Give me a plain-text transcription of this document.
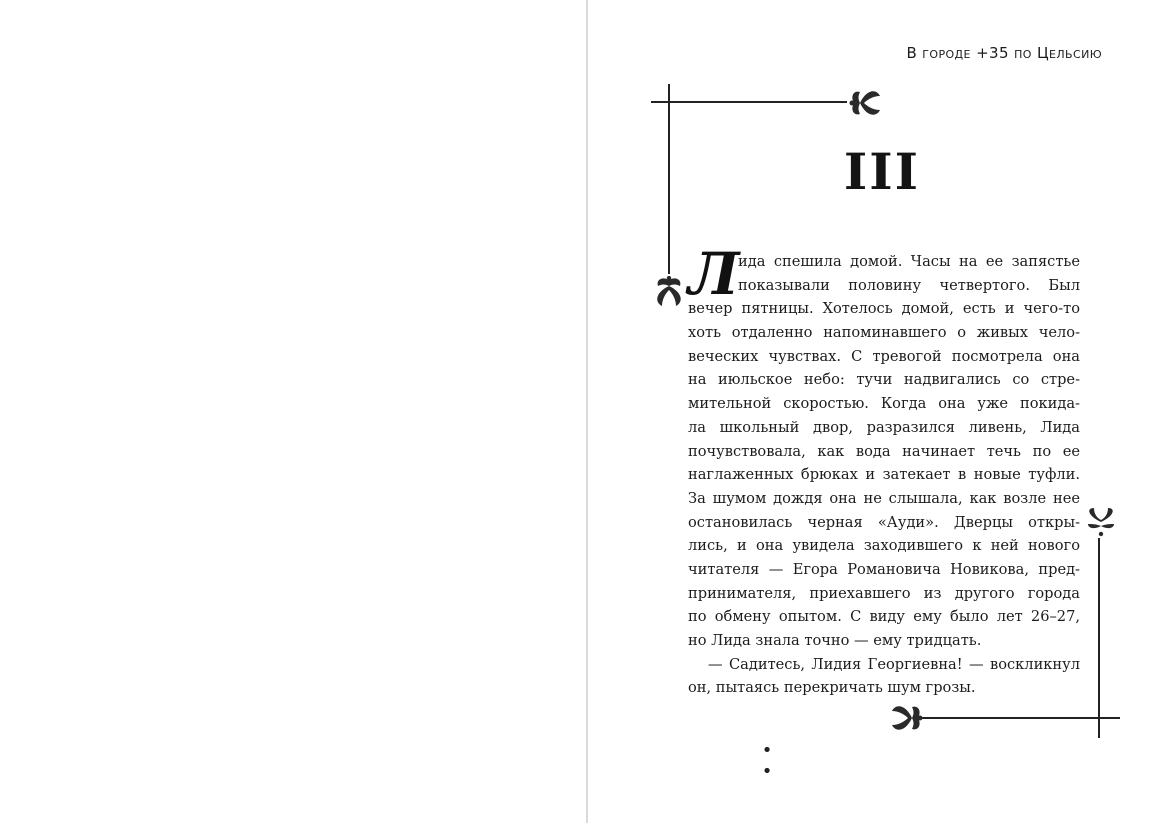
В городе +35 по Цельсию
III
Л
ида спешила домой. Часы на ее запястье
показывали половину четвертого. Был
вечер пятницы. Хотелось домой, есть и чего-то
хоть отдаленно напоминавшего о живых чело-
веческих чувствах. С тревогой посмотрела она
на июльское небо: тучи надвигались со стре-
мительной скоростью. Когда она уже покида-
ла школьный двор, разразился ливень, Лида
почувствовала, как вода начинает течь по ее
наглаженных брюках и затекает в новые туфли.
За шумом дождя она не слышала, как возле нее
остановилась черная «Ауди». Дверцы откры-
лись, и она увидела заходившего к ней нового
читателя — Егора Романовича Новикова, пред-
принимателя, приехавшего из другого города
по обмену опытом. С виду ему было лет 26–27,
но Лида знала точно — ему тридцать.
— Садитесь, Лидия Георгиевна! — воскликнул
он, пытаясь перекричать шум грозы.
• •
